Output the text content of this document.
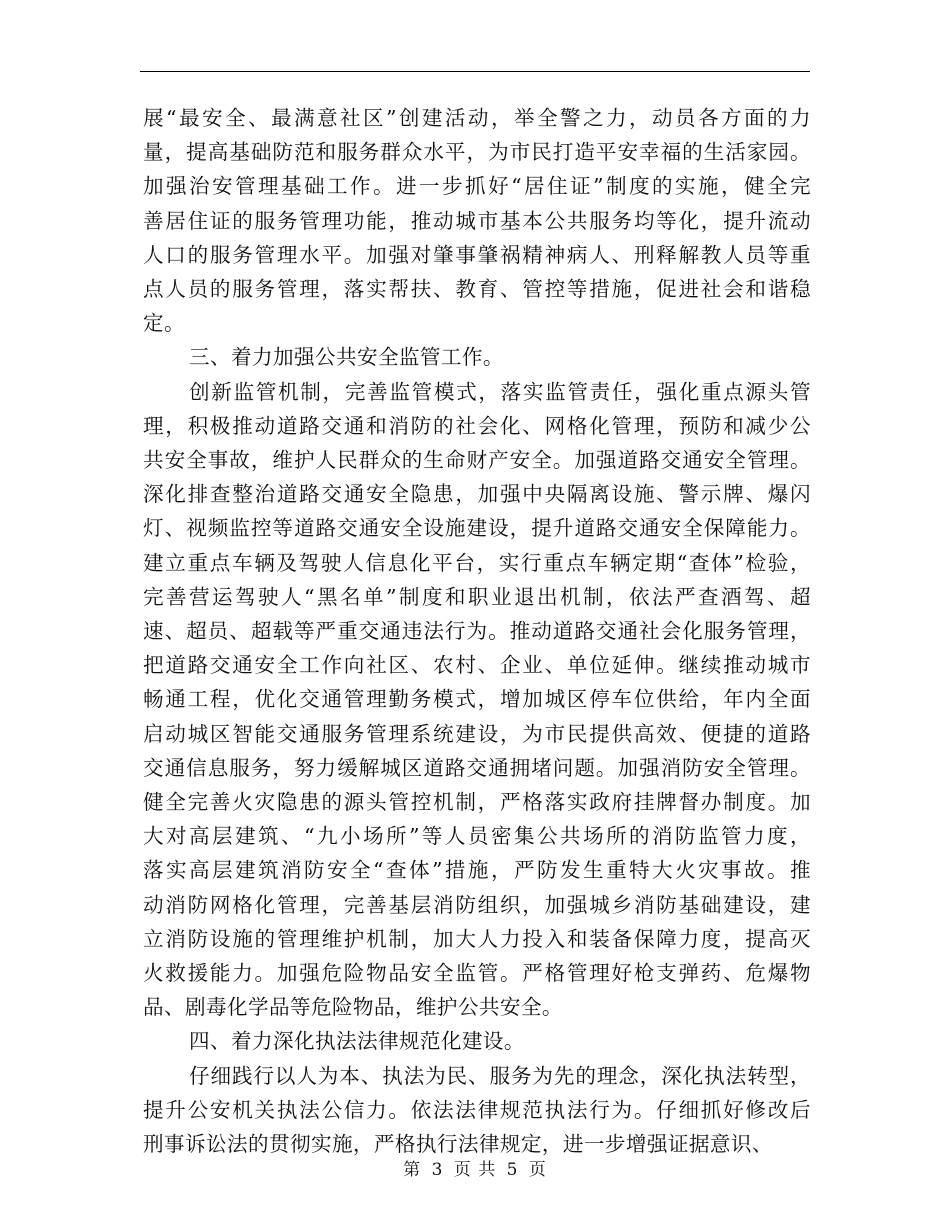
展“最安全、最满意社区”创建活动，举全警之力，动员各方面的力
量，提高基础防范和服务群众水平，为市民打造平安幸福的生活家园。
加强治安管理基础工作。进一步抓好“居住证”制度的实施，健全完
善居住证的服务管理功能，推动城市基本公共服务均等化，提升流动
人口的服务管理水平。加强对肇事肇祸精神病人、刑释解教人员等重
点人员的服务管理，落实帮扶、教育、管控等措施，促进社会和谐稳
定。
三、着力加强公共安全监管工作。
创新监管机制，完善监管模式，落实监管责任，强化重点源头管
理，积极推动道路交通和消防的社会化、网格化管理，预防和减少公
共安全事故，维护人民群众的生命财产安全。加强道路交通安全管理。
深化排查整治道路交通安全隐患，加强中央隔离设施、警示牌、爆闪
灯、视频监控等道路交通安全设施建设，提升道路交通安全保障能力。
建立重点车辆及驾驶人信息化平台，实行重点车辆定期“查体”检验，
完善营运驾驶人“黑名单”制度和职业退出机制，依法严查酒驾、超
速、超员、超载等严重交通违法行为。推动道路交通社会化服务管理，
把道路交通安全工作向社区、农村、企业、单位延伸。继续推动城市
畅通工程，优化交通管理勤务模式，增加城区停车位供给，年内全面
启动城区智能交通服务管理系统建设，为市民提供高效、便捷的道路
交通信息服务，努力缓解城区道路交通拥堵问题。加强消防安全管理。
健全完善火灾隐患的源头管控机制，严格落实政府挂牌督办制度。加
大对高层建筑、“九小场所”等人员密集公共场所的消防监管力度，
落实高层建筑消防安全“查体”措施，严防发生重特大火灾事故。推
动消防网格化管理，完善基层消防组织，加强城乡消防基础建设，建
立消防设施的管理维护机制，加大人力投入和装备保障力度，提高灭
火救援能力。加强危险物品安全监管。严格管理好枪支弹药、危爆物
品、剧毒化学品等危险物品，维护公共安全。
四、着力深化执法法律规范化建设。
仔细践行以人为本、执法为民、服务为先的理念，深化执法转型，
提升公安机关执法公信力。依法法律规范执法行为。仔细抓好修改后
刑事诉讼法的贯彻实施，严格执行法律规定，进一步增强证据意识、
第 3 页 共 5 页
